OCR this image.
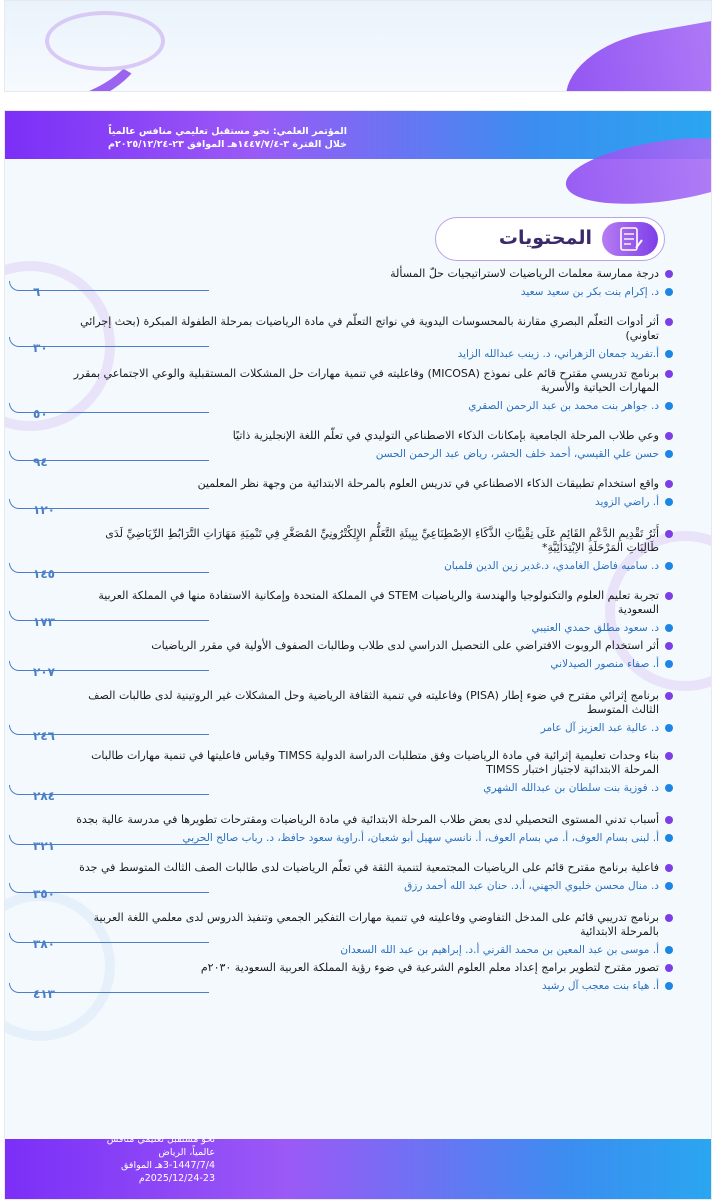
المؤتمر العلمي: نحو مستقبل تعليمي منافس عالمياً
خلال الفترة ٣-١٤٤٧/٧/٤هـ الموافق ٢٣-٢٠٢٥/١٢/٢٤م
المحتويات
درجة ممارسة معلمات الرياضيات لاستراتيجيات حلّ المسألة
د. إكرام بنت بكر بن سعيد سعيد
٦
أثر أدوات التعلّم البصري مقارنة بالمحسوسات اليدوية في نواتج التعلّم في مادة الرياضيات بمرحلة الطفولة المبكرة (بحث إجرائي تعاوني)
أ.تفريد جمعان الزهراني، د. زينب عبدالله الزايد
٣٠
برنامج تدريسي مقترح قائم على نموذج (MICOSA) وفاعليته في تنمية مهارات حل المشكلات المستقبلية والوعي الاجتماعي بمقرر المهارات الحياتية والأسرية
د. جواهر بنت محمد بن عبد الرحمن الصقري
٥٠
وعي طلاب المرحلة الجامعية بإمكانات الذكاء الاصطناعي التوليدي في تعلّم اللغة الإنجليزية ذاتيًا
حسن علي القيسي، أحمد خلف الحشر، رياض عبد الرحمن الحسن
٩٤
واقع استخدام تطبيقات الذكاء الاصطناعي في تدريس العلوم بالمرحلة الابتدائية من وجهة نظر المعلمين
أ. راضي الزويد
١٢٠
أَثَرُ تَقْدِيمِ الدَّعْمِ القَائِمِ عَلَى تِقْنِيَّاتِ الذَّكَاءِ الاِصْطِنَاعِيِّ بِبِيئَةِ التَّعَلُّمِ الإِلِكْتْرُونِيِّ المُصَغَّرِ فِي تَنْمِيَةِ مَهَارَاتِ التَّرَابُطِ الرِّيَاضِيِّ لَدَى طَالِبَاتِ المَرْحَلَةِ الاِبْتِدَائِيَّةِ*
د. ساميه فاضل الغامدي، د.غدير زين الدين فلمبان
١٤٥
تجربة تعليم العلوم والتكنولوجيا والهندسة والرياضيات STEM في المملكة المتحدة وإمكانية الاستفادة منها في المملكة العربية السعودية
د. سعود مطلق حمدي العتيبي
١٧٣
أثر استخدام الروبوت الافتراضي على التحصيل الدراسي لدى طلاب وطالبات الصفوف الأولية في مقرر الرياضيات
أ. صفاء منصور الصيدلاني
٢٠٧
برنامج إثرائي مقترح في ضوء إطار (PISA) وفاعليته في تنمية الثقافة الرياضية وحل المشكلات غير الروتينية لدى طالبات الصف الثالث المتوسط
د. عالية عبد العزيز آل عامر
٢٤٦
بناء وحدات تعليمية إثرائية في مادة الرياضيات وفق متطلبات الدراسة الدولية TIMSS وقياس فاعليتها في تنمية مهارات طالبات المرحلة الابتدائية لاجتياز اختبار TIMSS
د. فوزية بنت سلطان بن عبدالله الشهري
٢٨٤
أسباب تدني المستوى التحصيلي لدى بعض طلاب المرحلة الابتدائية في مادة الرياضيات ومقترحات تطويرها في مدرسة عالية بجدة
أ. لبنى بسام العوف، أ. مي بسام العوف، أ. نانسي سهيل أبو شعبان، أ.راوية سعود حافظ، د. رباب صالح الحربي
٣٢١
فاعلية برنامج مقترح قائم على الرياضيات المجتمعية لتنمية الثقة في تعلّم الرياضيات لدى طالبات الصف الثالث المتوسط في جدة
د. منال محسن خليوي الجهني، أ.د. حنان عبد الله أحمد رزق
٣٥٠
برنامج تدريبي قائم على المدخل التفاوضي وفاعليته في تنمية مهارات التفكير الجمعي وتنفيذ الدروس لدى معلمي اللغة العربية بالمرحلة الابتدائية
أ. موسى بن عبد المعين بن محمد القرني أ.د. إبراهيم بن عبد الله السعدان
٣٨٠
تصور مقترح لتطوير برامج إعداد معلم العلوم الشرعية في ضوء رؤية المملكة العربية السعودية ٢٠٣٠م
أ. هياء بنت معجب آل رشيد
٤١٣
نحو مستقبل تعليمي منافس عالمياً، الرياض
3-1447/7/4هـ الموافق 23-2025/12/24م
